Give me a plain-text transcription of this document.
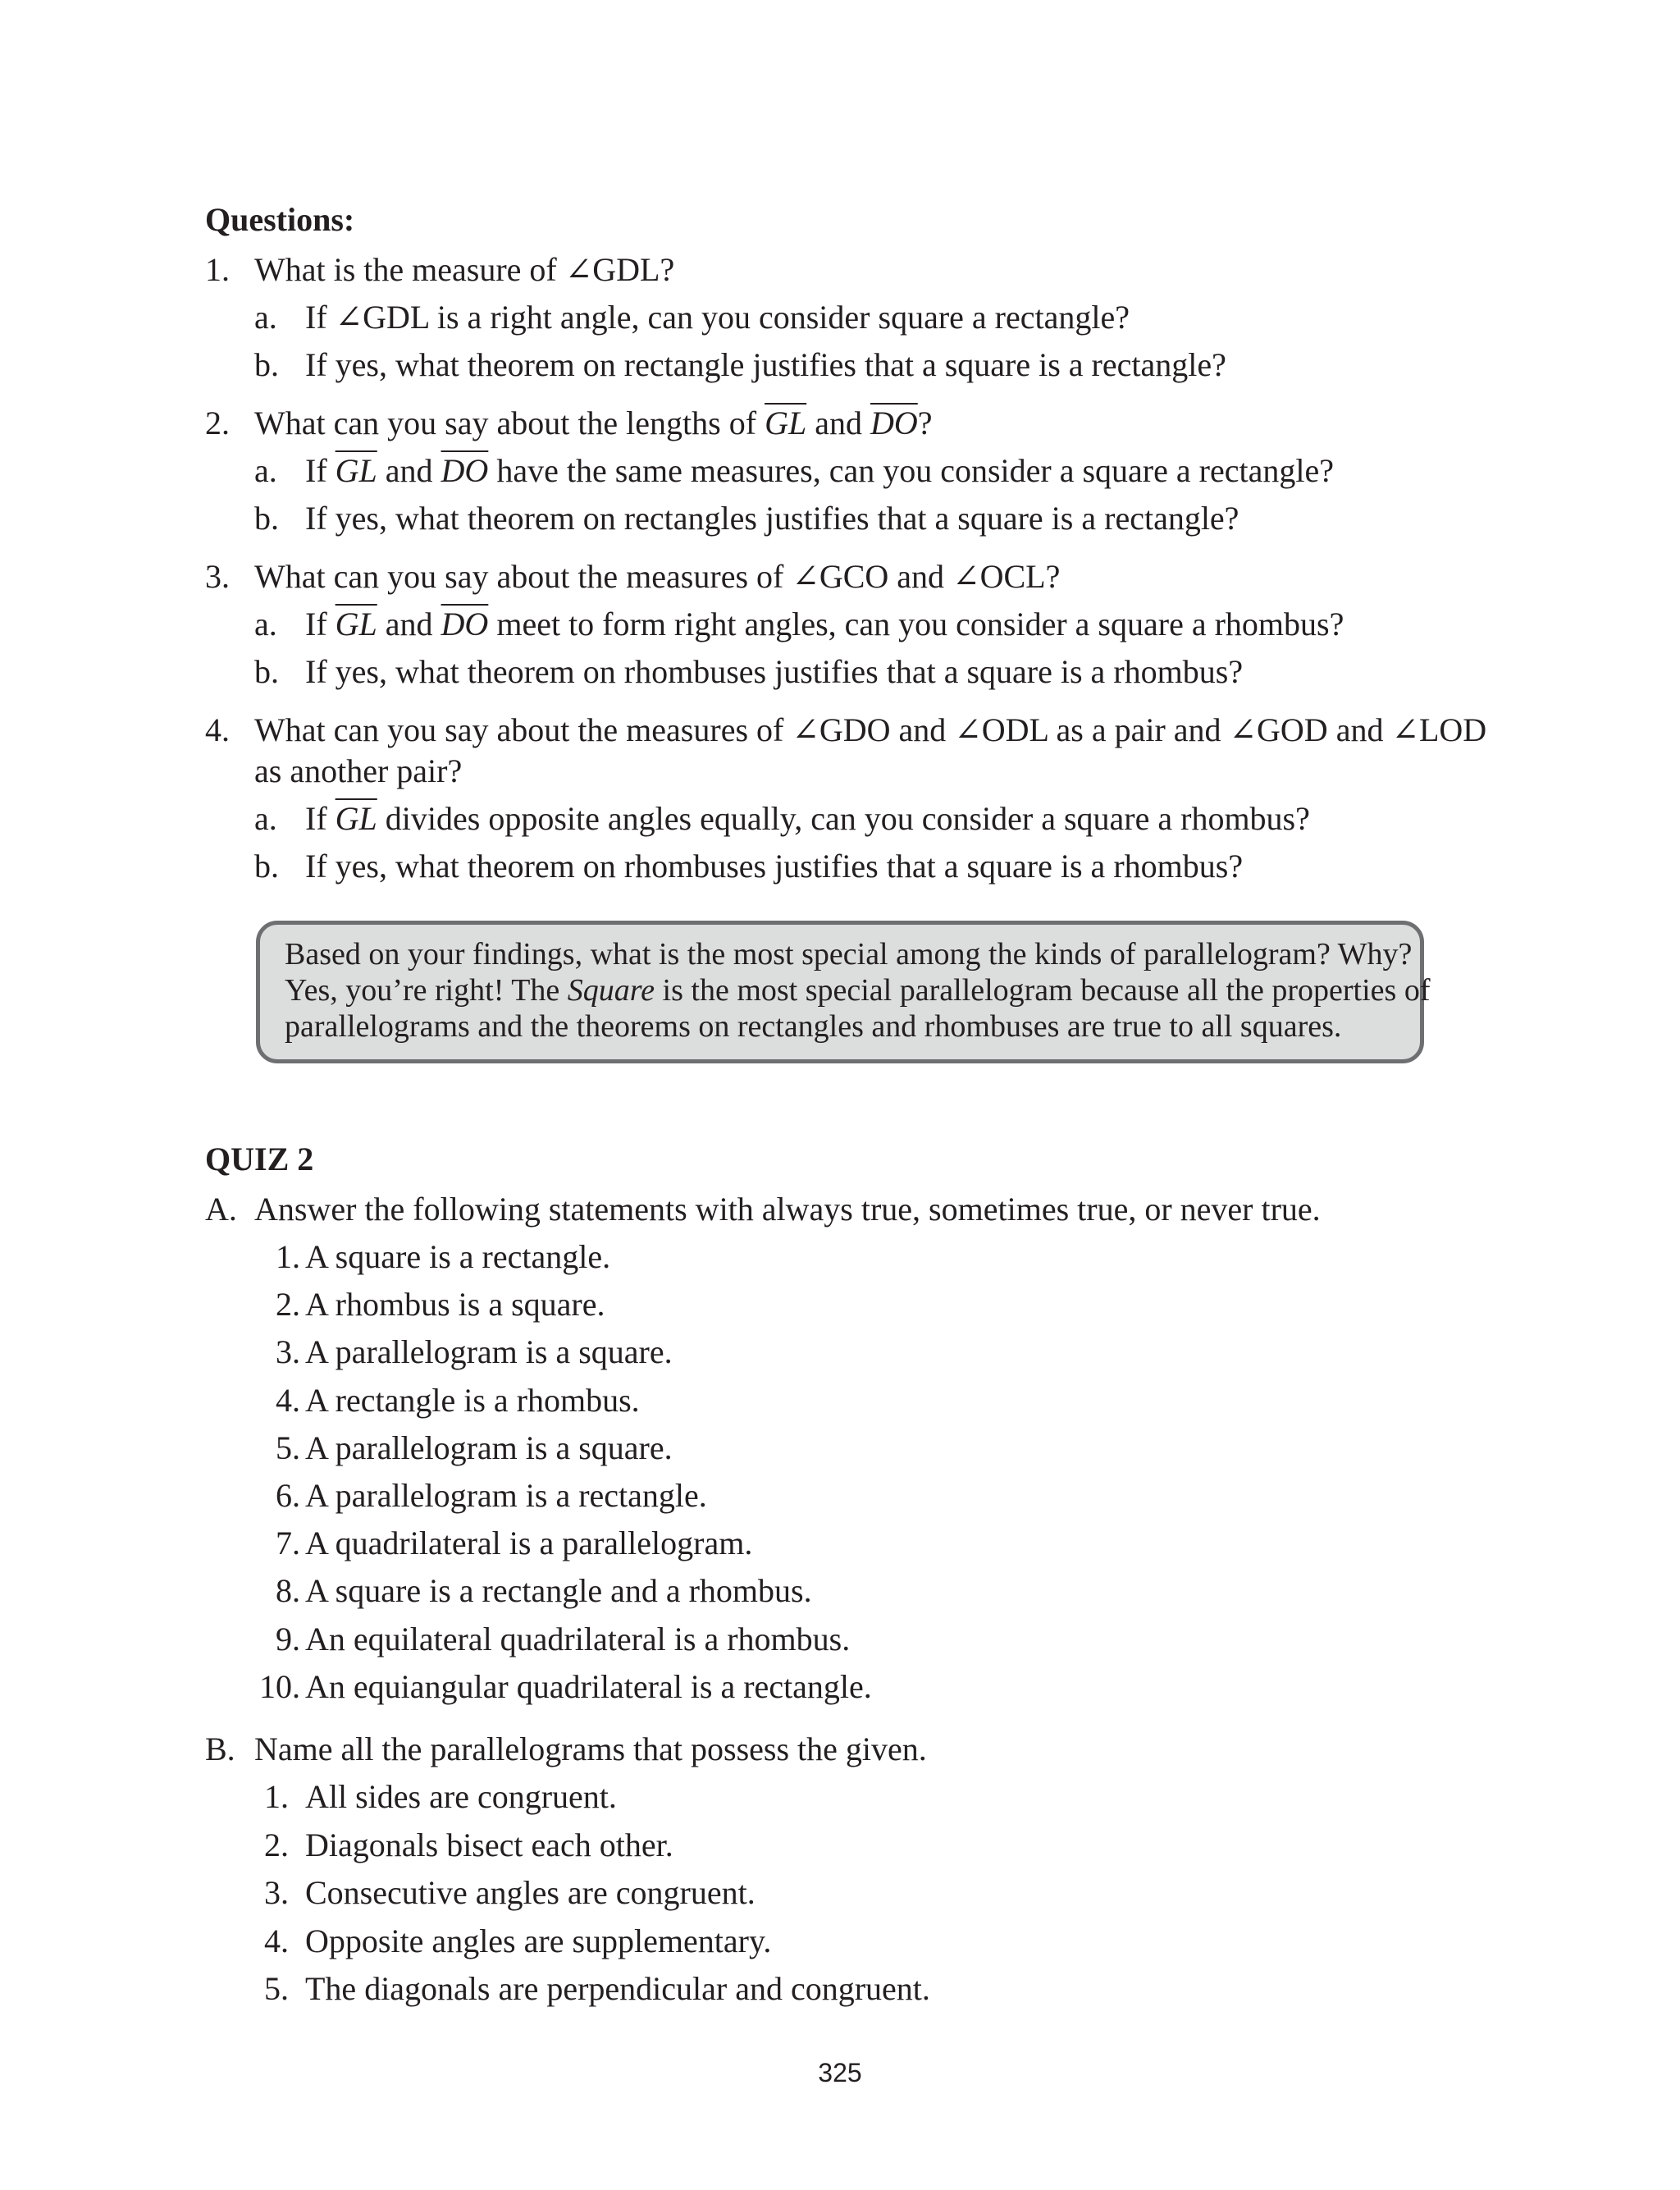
Questions:
1. What is the measure of ∠GDL?
a. If ∠GDL is a right angle, can you consider square a rectangle?
b. If yes, what theorem on rectangle justifies that a square is a rectangle?
2. What can you say about the lengths of $\overline{GL}$ and $\overline{DO}$?
a. If $\overline{GL}$ and $\overline{DO}$ have the same measures, can you consider a square a rectangle?
b. If yes, what theorem on rectangles justifies that a square is a rectangle?
3. What can you say about the measures of ∠GCO and ∠OCL?
a. If $\overline{GL}$ and $\overline{DO}$ meet to form right angles, can you consider a square a rhombus?
b. If yes, what theorem on rhombuses justifies that a square is a rhombus?
4. What can you say about the measures of ∠GDO and ∠ODL as a pair and ∠GOD and ∠LOD
as another pair?
a. If $\overline{GL}$ divides opposite angles equally, can you consider a square a rhombus?
b. If yes, what theorem on rhombuses justifies that a square is a rhombus?
Based on your findings, what is the most special among the kinds of parallelogram? Why?
Yes, you’re right! The Square is the most special parallelogram because all the properties of
parallelograms and the theorems on rectangles and rhombuses are true to all squares.
QUIZ 2
A. Answer the following statements with always true, sometimes true, or never true.
1. A square is a rectangle.
2. A rhombus is a square.
3. A parallelogram is a square.
4. A rectangle is a rhombus.
5. A parallelogram is a square.
6. A parallelogram is a rectangle.
7. A quadrilateral is a parallelogram.
8. A square is a rectangle and a rhombus.
9. An equilateral quadrilateral is a rhombus.
10. An equiangular quadrilateral is a rectangle.
B. Name all the parallelograms that possess the given.
1. All sides are congruent.
2. Diagonals bisect each other.
3. Consecutive angles are congruent.
4. Opposite angles are supplementary.
5. The diagonals are perpendicular and congruent.
325
